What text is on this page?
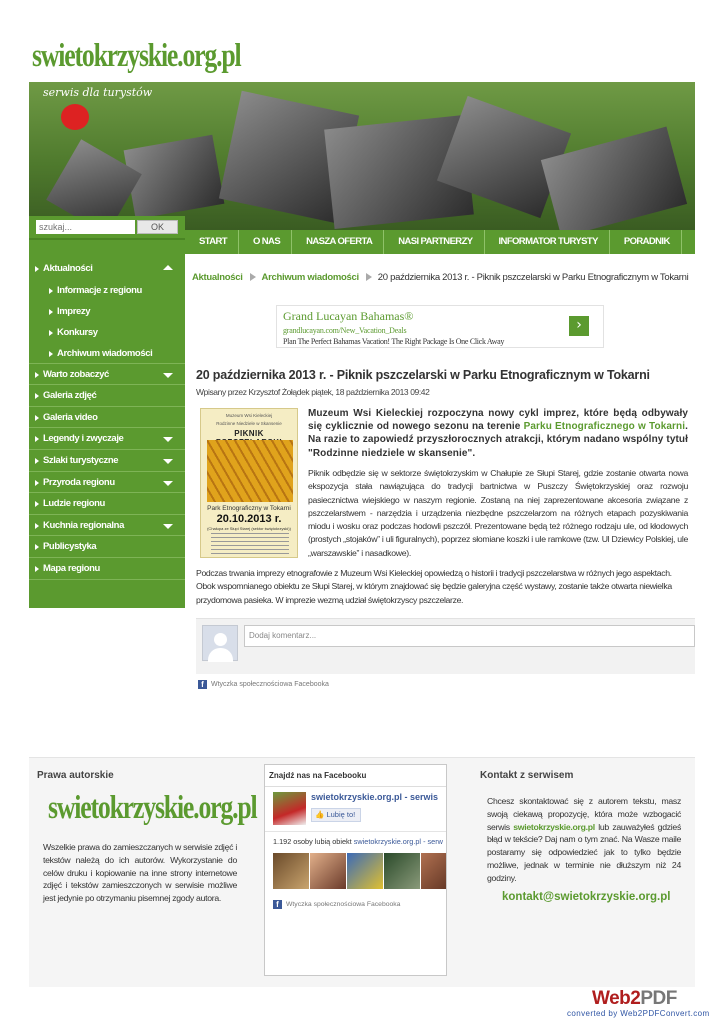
swietokrzyskie.org.pl
serwis dla turystów
szukaj...
OK
Aktualności
Informacje z regionu
Imprezy
Konkursy
Archiwum wiadomości
Warto zobaczyć
Galeria zdjęć
Galeria video
Legendy i zwyczaje
Szlaki turystyczne
Przyroda regionu
Ludzie regionu
Kuchnia regionalna
Publicystyka
Mapa regionu
START	O NAS	NASZA OFERTA	NASI PARTNERZY	INFORMATOR TURYSTY	PORADNIK
Aktualności Archiwum wiadomości 20 października 2013 r. - Piknik pszczelarski w Parku Etnograficznym w Tokarni
Grand Lucayan Bahamas®
grandlucayan.com/New_Vacation_Deals
Plan The Perfect Bahamas Vacation! The Right Package Is One Click Away
›
20 października 2013 r. - Piknik pszczelarski w Parku Etnograficznym w Tokarni
Wpisany przez Krzysztof Żołądek piątek, 18 października 2013 09:42
Muzeum Wsi Kieleckiej
Rodzinne Niedziele w Skansenie
PIKNIK
Park Etnograficzny w Tokarni
20.10.2013 r.
(Chałupa ze Słupi Starej (sektor świętokrzyski))
Muzeum Wsi Kieleckiej rozpoczyna nowy cykl imprez, które będą odbywały się cyklicznie od nowego sezonu na terenie Parku Etnograficznego w Tokarni. Na razie to zapowiedź przyszłorocznych atrakcji, którym nadano wspólny tytuł "Rodzinne niedziele w skansenie".
Piknik odbędzie się w sektorze świętokrzyskim w Chałupie ze Słupi Starej, gdzie zostanie otwarta nowa ekspozycja stała nawiązująca do tradycji bartnictwa w Puszczy Świętokrzyskiej oraz rozwoju pasiecznictwa wiejskiego w naszym regionie. Zostaną na niej zaprezentowane akcesoria związane z pszczelarstwem - narzędzia i urządzenia niezbędne pszczelarzom na różnych etapach pozyskiwania miodu i wosku oraz podczas hodowli pszczół. Prezentowane będą też różnego rodzaju ule, od kłodowych (prostych „stojaków” i uli figuralnych), poprzez słomiane koszki i ule ramkowe (tzw. Ul Dziewicy Polskiej, ule „warszawskie” i nasadkowe).
Podczas trwania imprezy etnografowie z Muzeum Wsi Kieleckiej opowiedzą o historii i tradycji pszczelarstwa w różnych jego aspektach. Obok wspomnianego obiektu ze Słupi Starej, w którym znajdować się będzie galeryjna część wystawy, zostanie także otwarta niewielka przydomowa pasieka. W imprezie wezmą udział świętokrzyscy pszczelarze.
Dodaj komentarz...
f Wtyczka społecznościowa Facebooka
Prawa autorskie
swietokrzyskie.org.pl
Wszelkie prawa do zamieszczanych w serwisie zdjęć i tekstów należą do ich autorów. Wykorzystanie do celów druku i kopiowanie na inne strony internetowe zdjęć i tekstów zamieszczonych w serwisie możliwe jest jedynie po otrzymaniu pisemnej zgody autora.
Znajdź nas na Facebooku
swietokrzyskie.org.pl - serwis
👍 Lubię to!
1.192 osoby lubią obiekt swietokrzyskie.org.pl - serw
f Wtyczka społecznościowa Facebooka
Kontakt z serwisem
Chcesz skontaktować się z autorem tekstu, masz swoją ciekawą propozycję, która może wzbogacić serwis swietokrzyskie.org.pl lub zauważyłeś gdzieś błąd w tekście? Daj nam o tym znać. Na Wasze maile postaramy się odpowiedzieć jak to tylko będzie możliwe, jednak w terminie nie dłuższym niż 24 godziny.
kontakt@swietokrzyskie.org.pl
Web2PDF
converted by Web2PDFConvert.com
